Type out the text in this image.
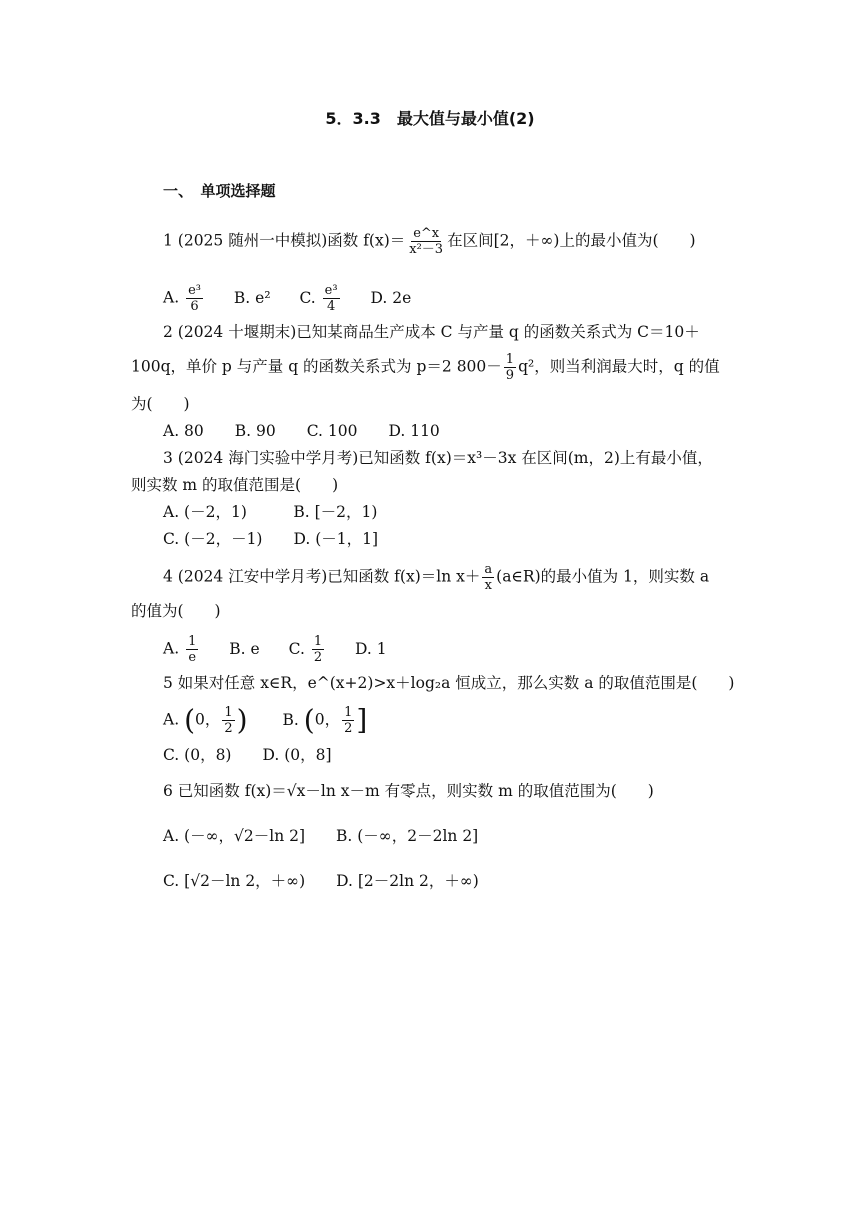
5．3.3　最大值与最小值(2)
一、　单项选择题
1 (2025 随州一中模拟)函数 $f(x)= \frac{e\^{}x}{\text{x²－3}}$ 在区间[2，＋∞)上的最小值为(　　)
A. $\frac{\text{e³}}{6} B$. e² C. $\frac{\text{e³}}{4} D$. 2e
2 (2024 十堰期末)已知某商品生产成本 C 与产量 q 的函数关系式为 C＝10＋
100q，单价 p 与产量 q 的函数关系式为 p＝2 $800- \frac{1}{9} q^2$，则当利润最大时，q 的值
为(　　)
A. 80　　B. 90　　C. 100　　D. 110
3 (2024 海门实验中学月考)已知函数 f(x)＝x³－3x 在区间(m，2)上有最小值，
则实数 m 的取值范围是(　　)
A. (－2，1)　　　B. [－2，1)
C. (－2，－1)　　D. (－1，1]
4 (2024 江安中学月考)已知函数 f(x)＝ln $x+ \frac{a}{x}$ (a∈R)的最小值为 1，则实数 a
的值为(　　)
A. $\frac{1}{e} B$. e C. $\frac{1}{2} D$. 1
5 如果对任意 x∈R，e^(x+2)>x＋log₂a 恒成立，那么实数 a 的取值范围是(　　)
A. (0， $\frac{1}{2}$ ) B. (0， $\frac{1}{2}$ ]
C. (0，8)　　D. (0，8]
6 已知函数 f(x)＝√x－ln x－m 有零点，则实数 m 的取值范围为(　　)
A. (－∞，√2－ln 2]　　B. (－∞，2－2ln 2]
C. [√2－ln 2，＋∞)　　D. [2－2ln 2，＋∞)
